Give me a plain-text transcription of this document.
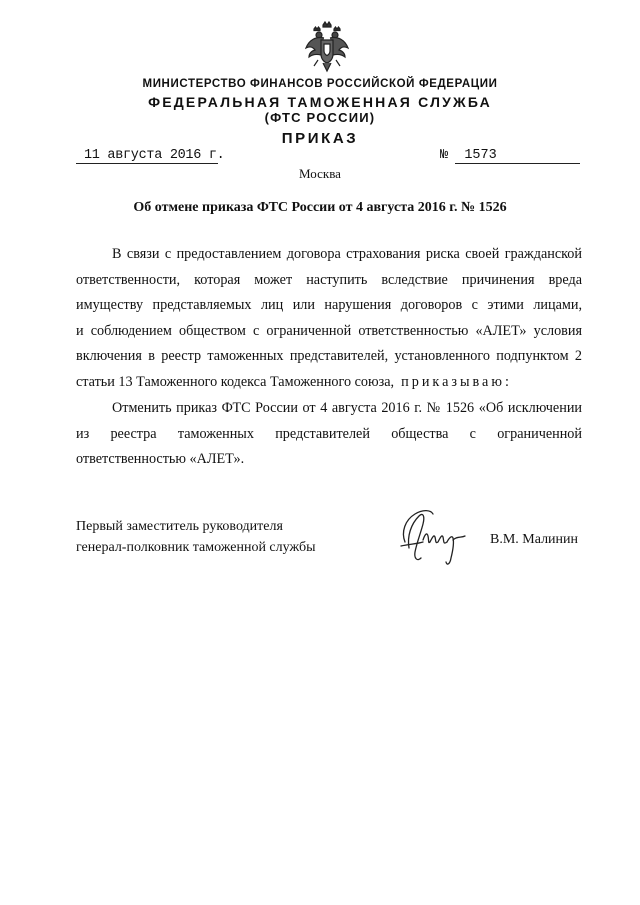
МИНИСТЕРСТВО ФИНАНСОВ РОССИЙСКОЙ ФЕДЕРАЦИИ
ФЕДЕРАЛЬНАЯ ТАМОЖЕННАЯ СЛУЖБА
(ФТС РОССИИ)
ПРИКАЗ
11 августа 2016 г.	№ 1573
Москва
Об отмене приказа ФТС России от 4 августа 2016 г. № 1526
В связи с предоставлением договора страхования риска своей гражданской
ответственности, которая может наступить вследствие причинения вреда
имуществу представляемых лиц или нарушения договоров с этими лицами,
и соблюдением обществом с ограниченной ответственностью «АЛЕТ» условия
включения в реестр таможенных представителей, установленного подпунктом 2
статьи 13 Таможенного кодекса Таможенного союза, приказываю:
Отменить приказ ФТС России от 4 августа 2016 г. № 1526 «Об исключении
из реестра таможенных представителей общества с ограниченной
ответственностью «АЛЕТ».
Первый заместитель руководителя
генерал-полковник таможенной службы
В.М. Малинин
